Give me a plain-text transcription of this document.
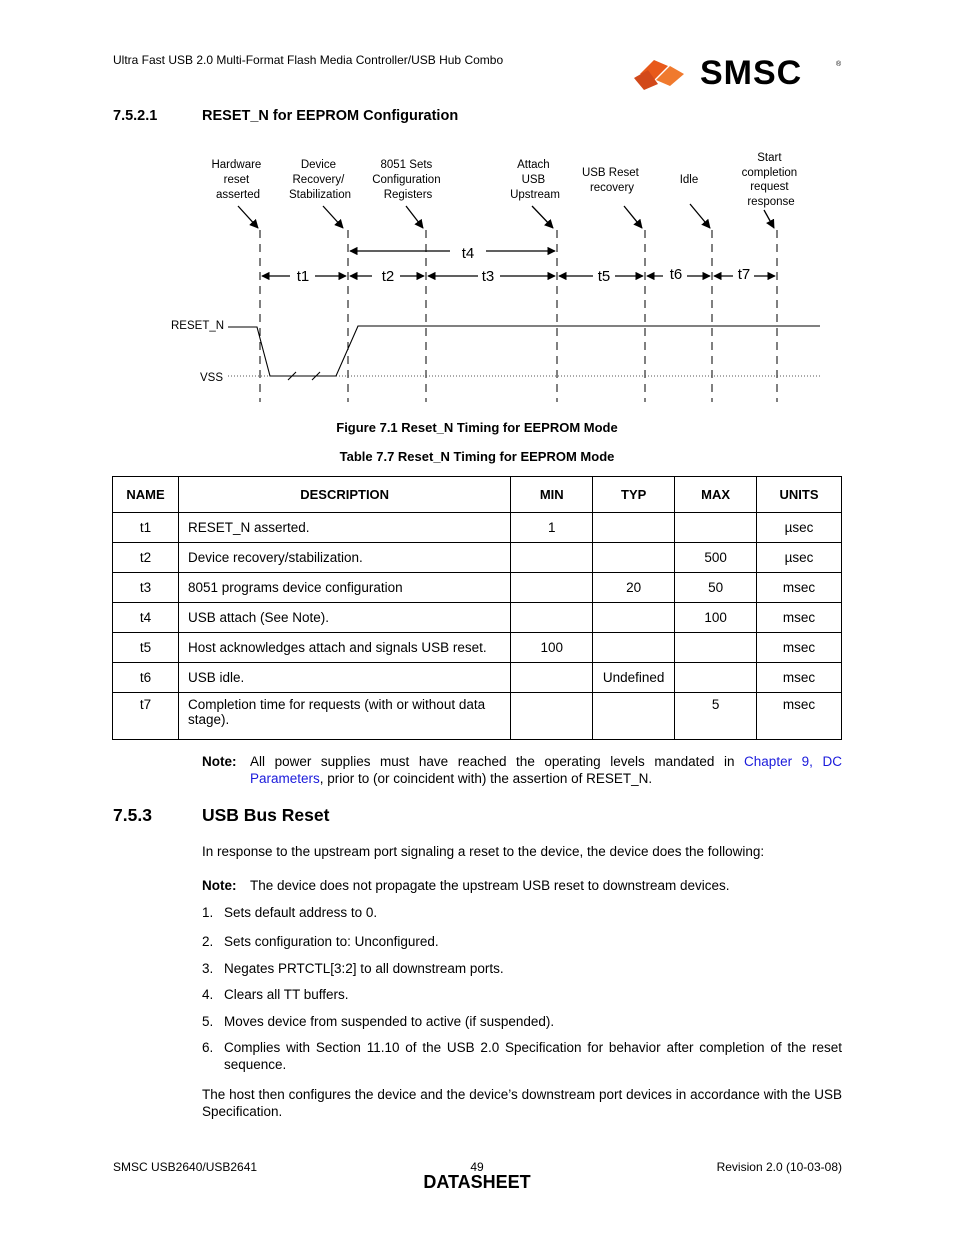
Ultra Fast USB 2.0 Multi-Format Flash Media Controller/USB Hub Combo	SMSC	®
7.5.2.1	RESET_N for EEPROM Configuration
Hardware reset asserted
Device Recovery/ Stabilization
8051 Sets Configuration Registers
Attach USB Upstream
USB Reset recovery
Idle
Start completion request response
t4
t1	t2	t3	t5	t6	t7
RESET_N
VSS
Figure 7.1 Reset_N Timing for EEPROM Mode
Table 7.7 Reset_N Timing for EEPROM Mode
NAME	DESCRIPTION	MIN	TYP	MAX	UNITS
t1	RESET_N asserted.	1			µsec
t2	Device recovery/stabilization.			500	µsec
t3	8051 programs device configuration		20	50	msec
t4	USB attach (See Note).			100	msec
t5	Host acknowledges attach and signals USB reset.	100			msec
t6	USB idle.		Undefined		msec
t7	Completion time for requests (with or without data stage).			5	msec
Note: All power supplies must have reached the operating levels mandated in Chapter 9, DC Parameters, prior to (or coincident with) the assertion of RESET_N.
7.5.3	USB Bus Reset
In response to the upstream port signaling a reset to the device, the device does the following:
Note: The device does not propagate the upstream USB reset to downstream devices.
1. Sets default address to 0.
2. Sets configuration to: Unconfigured.
3. Negates PRTCTL[3:2] to all downstream ports.
4. Clears all TT buffers.
5. Moves device from suspended to active (if suspended).
6. Complies with Section 11.10 of the USB 2.0 Specification for behavior after completion of the reset sequence.
The host then configures the device and the device’s downstream port devices in accordance with the USB Specification.
SMSC USB2640/USB2641	49	Revision 2.0 (10-03-08)
DATASHEET
